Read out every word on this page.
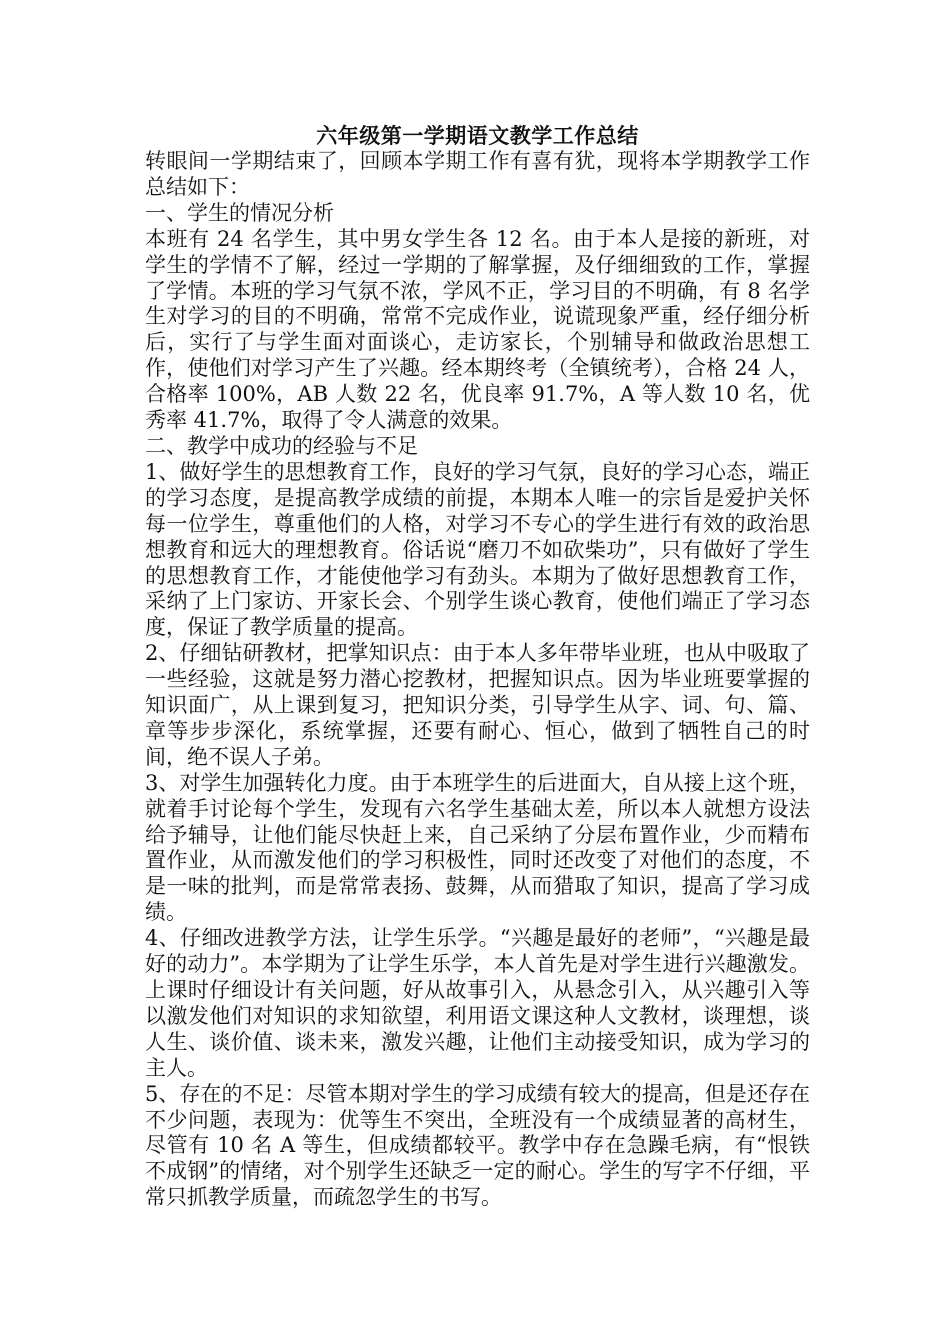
六年级第一学期语文教学工作总结

转眼间一学期结束了，回顾本学期工作有喜有犹，现将本学期教学工作总结如下：

一、学生的情况分析

本班有 24 名学生，其中男女学生各 12 名。由于本人是接的新班，对学生的学情不了解，经过一学期的了解掌握，及仔细细致的工作，掌握了学情。本班的学习气氛不浓，学风不正，学习目的不明确，有 8 名学生对学习的目的不明确，常常不完成作业，说谎现象严重，经仔细分析后，实行了与学生面对面谈心，走访家长，个别辅导和做政治思想工作，使他们对学习产生了兴趣。经本期终考（全镇统考），合格 24 人，合格率 100%，AB 人数 22 名，优良率 91.7%，A 等人数 10 名，优秀率 41.7%，取得了令人满意的效果。

二、教学中成功的经验与不足

1、做好学生的思想教育工作，良好的学习气氛，良好的学习心态，端正的学习态度，是提高教学成绩的前提，本期本人唯一的宗旨是爱护关怀每一位学生，尊重他们的人格，对学习不专心的学生进行有效的政治思想教育和远大的理想教育。俗话说“磨刀不如砍柴功”，只有做好了学生的思想教育工作，才能使他学习有劲头。本期为了做好思想教育工作，采纳了上门家访、开家长会、个别学生谈心教育，使他们端正了学习态度，保证了教学质量的提高。

2、仔细钻研教材，把掌知识点：由于本人多年带毕业班，也从中吸取了一些经验，这就是努力潜心挖教材，把握知识点。因为毕业班要掌握的知识面广，从上课到复习，把知识分类，引导学生从字、词、句、篇、章等步步深化，系统掌握，还要有耐心、恒心，做到了牺牲自己的时间，绝不误人子弟。

3、对学生加强转化力度。由于本班学生的后进面大，自从接上这个班，就着手讨论每个学生，发现有六名学生基础太差，所以本人就想方设法给予辅导，让他们能尽快赶上来，自己采纳了分层布置作业，少而精布置作业，从而激发他们的学习积极性，同时还改变了对他们的态度，不是一味的批判，而是常常表扬、鼓舞，从而猎取了知识，提高了学习成绩。

4、仔细改进教学方法，让学生乐学。“兴趣是最好的老师”，“兴趣是最好的动力”。本学期为了让学生乐学，本人首先是对学生进行兴趣激发。上课时仔细设计有关问题，好从故事引入，从悬念引入，从兴趣引入等以激发他们对知识的求知欲望，利用语文课这种人文教材，谈理想，谈人生、谈价值、谈未来，激发兴趣，让他们主动接受知识，成为学习的主人。

5、存在的不足：尽管本期对学生的学习成绩有较大的提高，但是还存在不少问题，表现为：优等生不突出，全班没有一个成绩显著的高材生，尽管有 10 名 A 等生，但成绩都较平。教学中存在急躁毛病，有“恨铁不成钢”的情绪，对个别学生还缺乏一定的耐心。学生的写字不仔细，平常只抓教学质量，而疏忽学生的书写。
